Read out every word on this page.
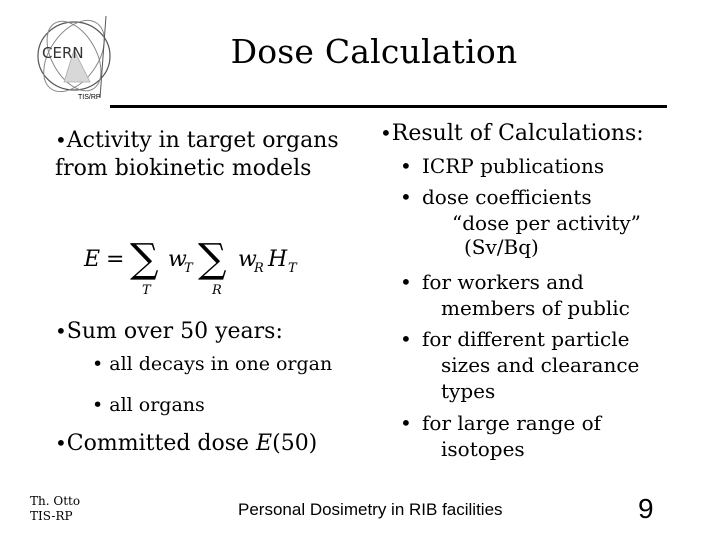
CERN
TIS/RP
Dose Calculation
•Activity in target organs from biokinetic models
E = ∑
T
w
T ∑
R
w
R H T
•Sum over 50 years:
• all decays in one organ
• all organs
•Committed dose E(50)
•Result of Calculations:
• ICRP publications
• dose coefficients
“dose per activity”
(Sv/Bq)
• for workers and
members of public
• for different particle
sizes and clearance
types
• for large range of
isotopes
Th. Otto
TIS-RP	Personal Dosimetry in RIB facilities	9
